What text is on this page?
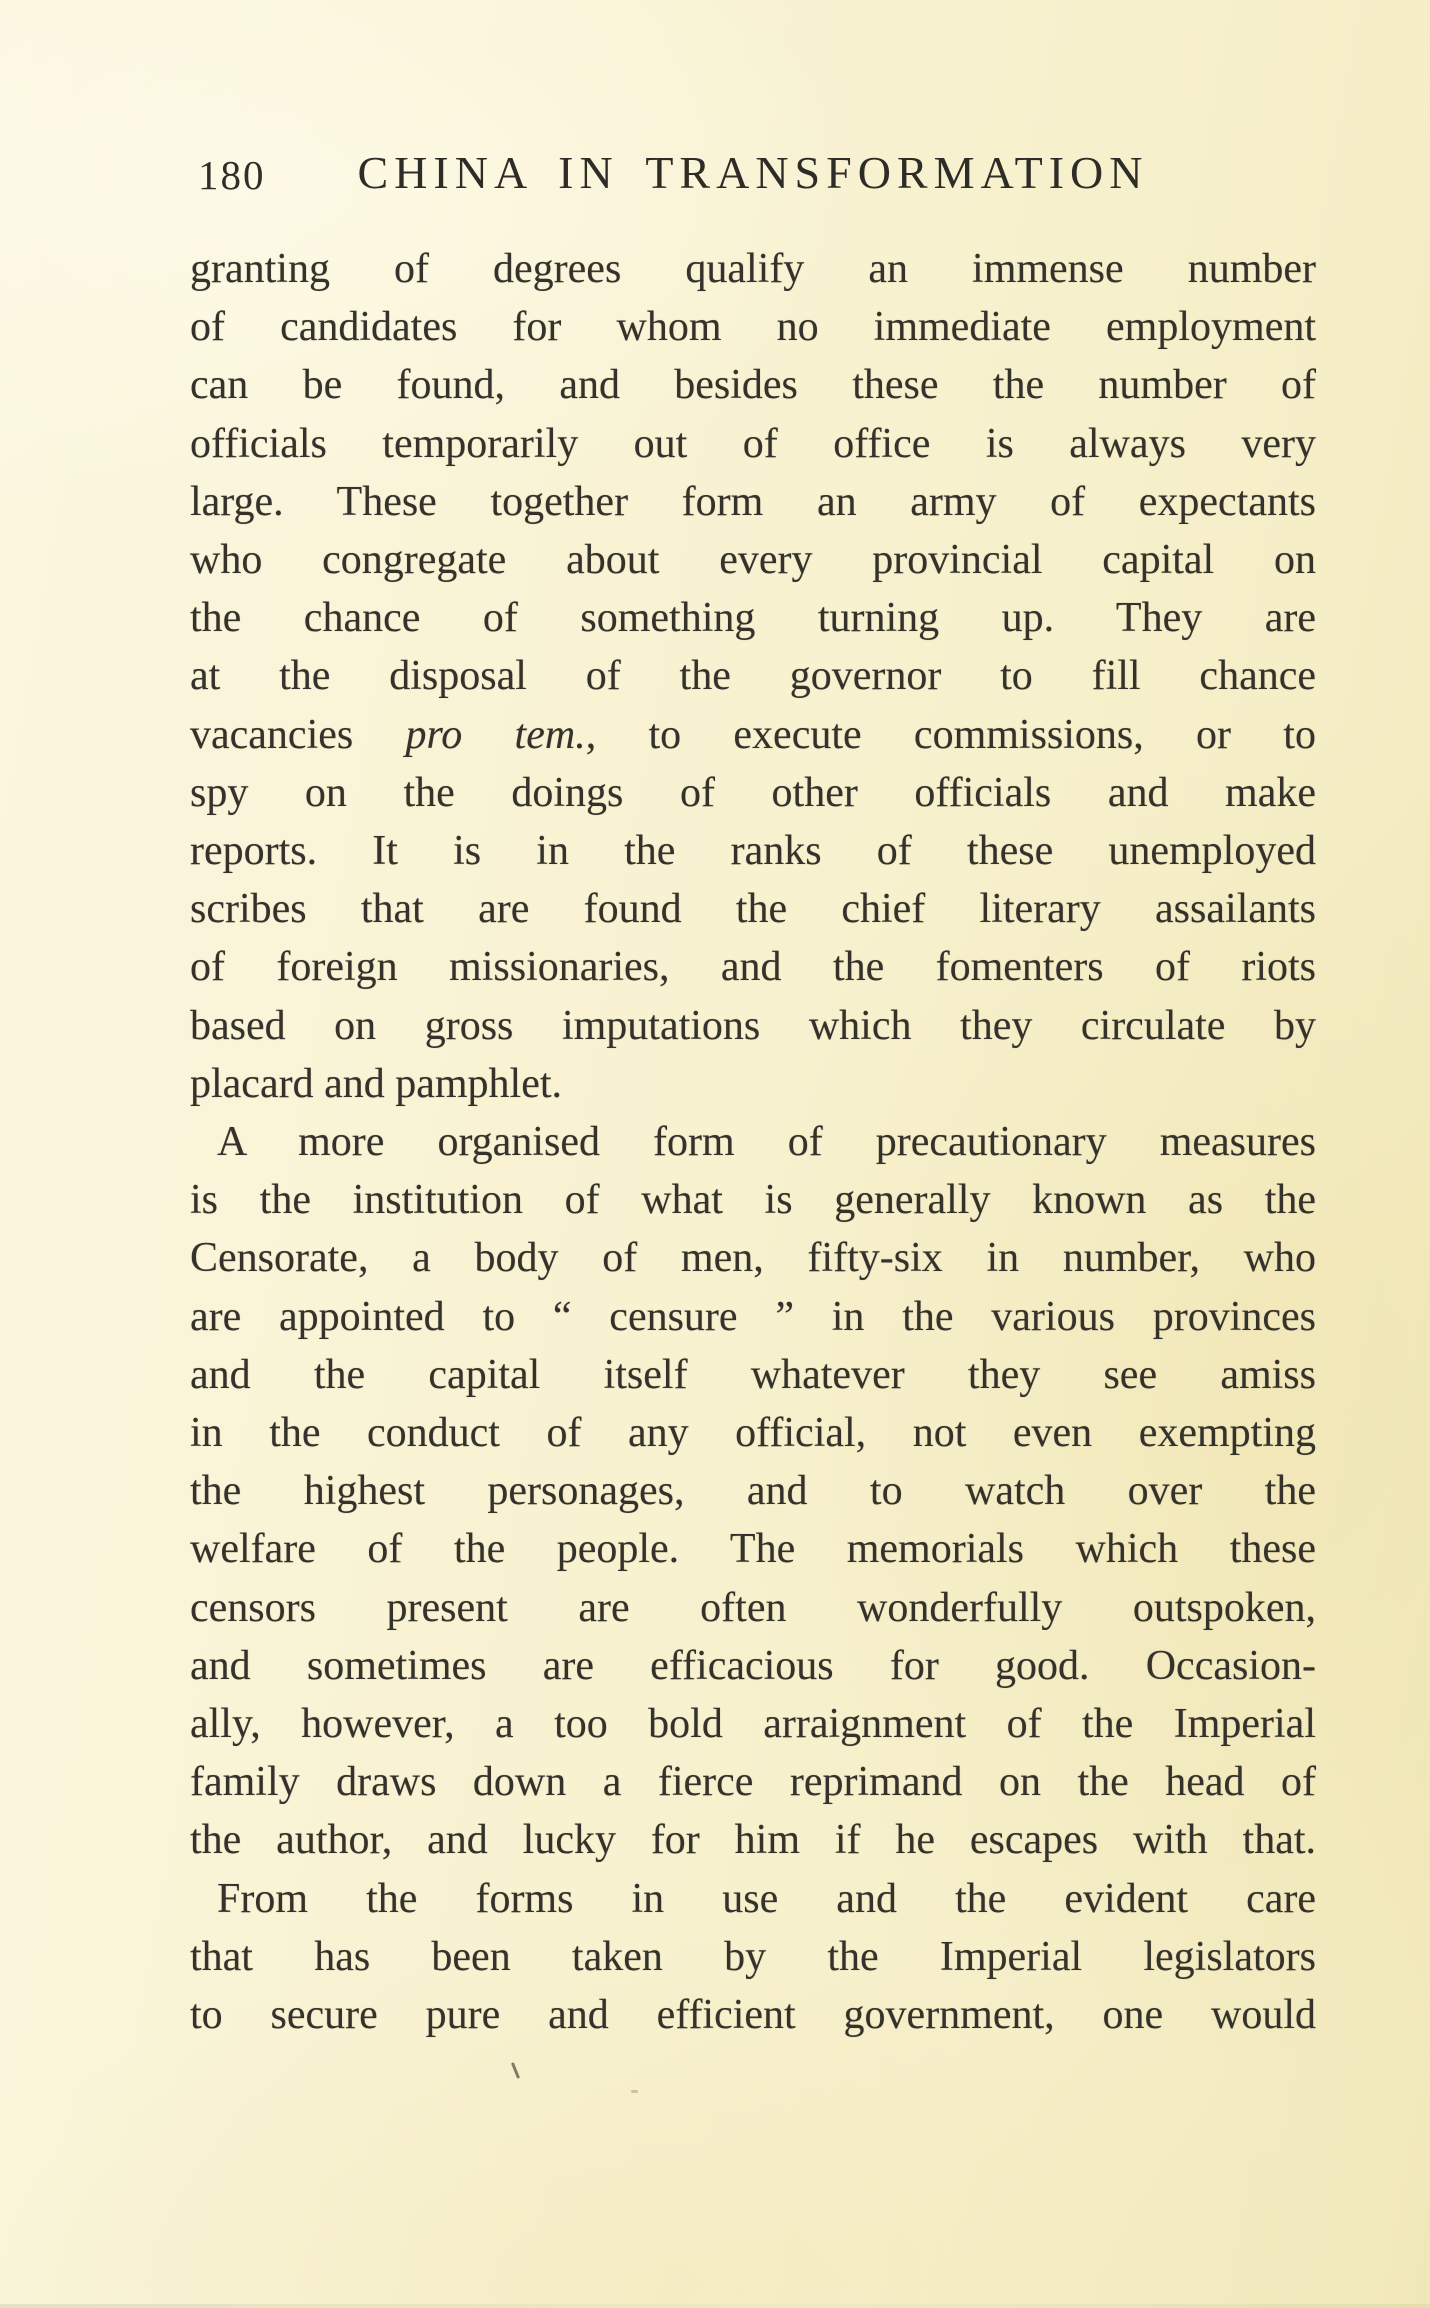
180	CHINA IN TRANSFORMATION
granting of degrees qualify an immense number
of candidates for whom no immediate employment
can be found, and besides these the number of
officials temporarily out of office is always very
large. These together form an army of expectants
who congregate about every provincial capital on
the chance of something turning up. They are
at the disposal of the governor to fill chance
vacancies pro tem., to execute commissions, or to
spy on the doings of other officials and make
reports. It is in the ranks of these unemployed
scribes that are found the chief literary assailants
of foreign missionaries, and the fomenters of riots
based on gross imputations which they circulate by
placard and pamphlet.
A more organised form of precautionary measures
is the institution of what is generally known as the
Censorate, a body of men, fifty-six in number, who
are appointed to “ censure ” in the various provinces
and the capital itself whatever they see amiss
in the conduct of any official, not even exempting
the highest personages, and to watch over the
welfare of the people. The memorials which these
censors present are often wonderfully outspoken,
and sometimes are efficacious for good. Occasion-
ally, however, a too bold arraignment of the Imperial
family draws down a fierce reprimand on the head of
the author, and lucky for him if he escapes with that.
From the forms in use and the evident care
that has been taken by the Imperial legislators
to secure pure and efficient government, one would
